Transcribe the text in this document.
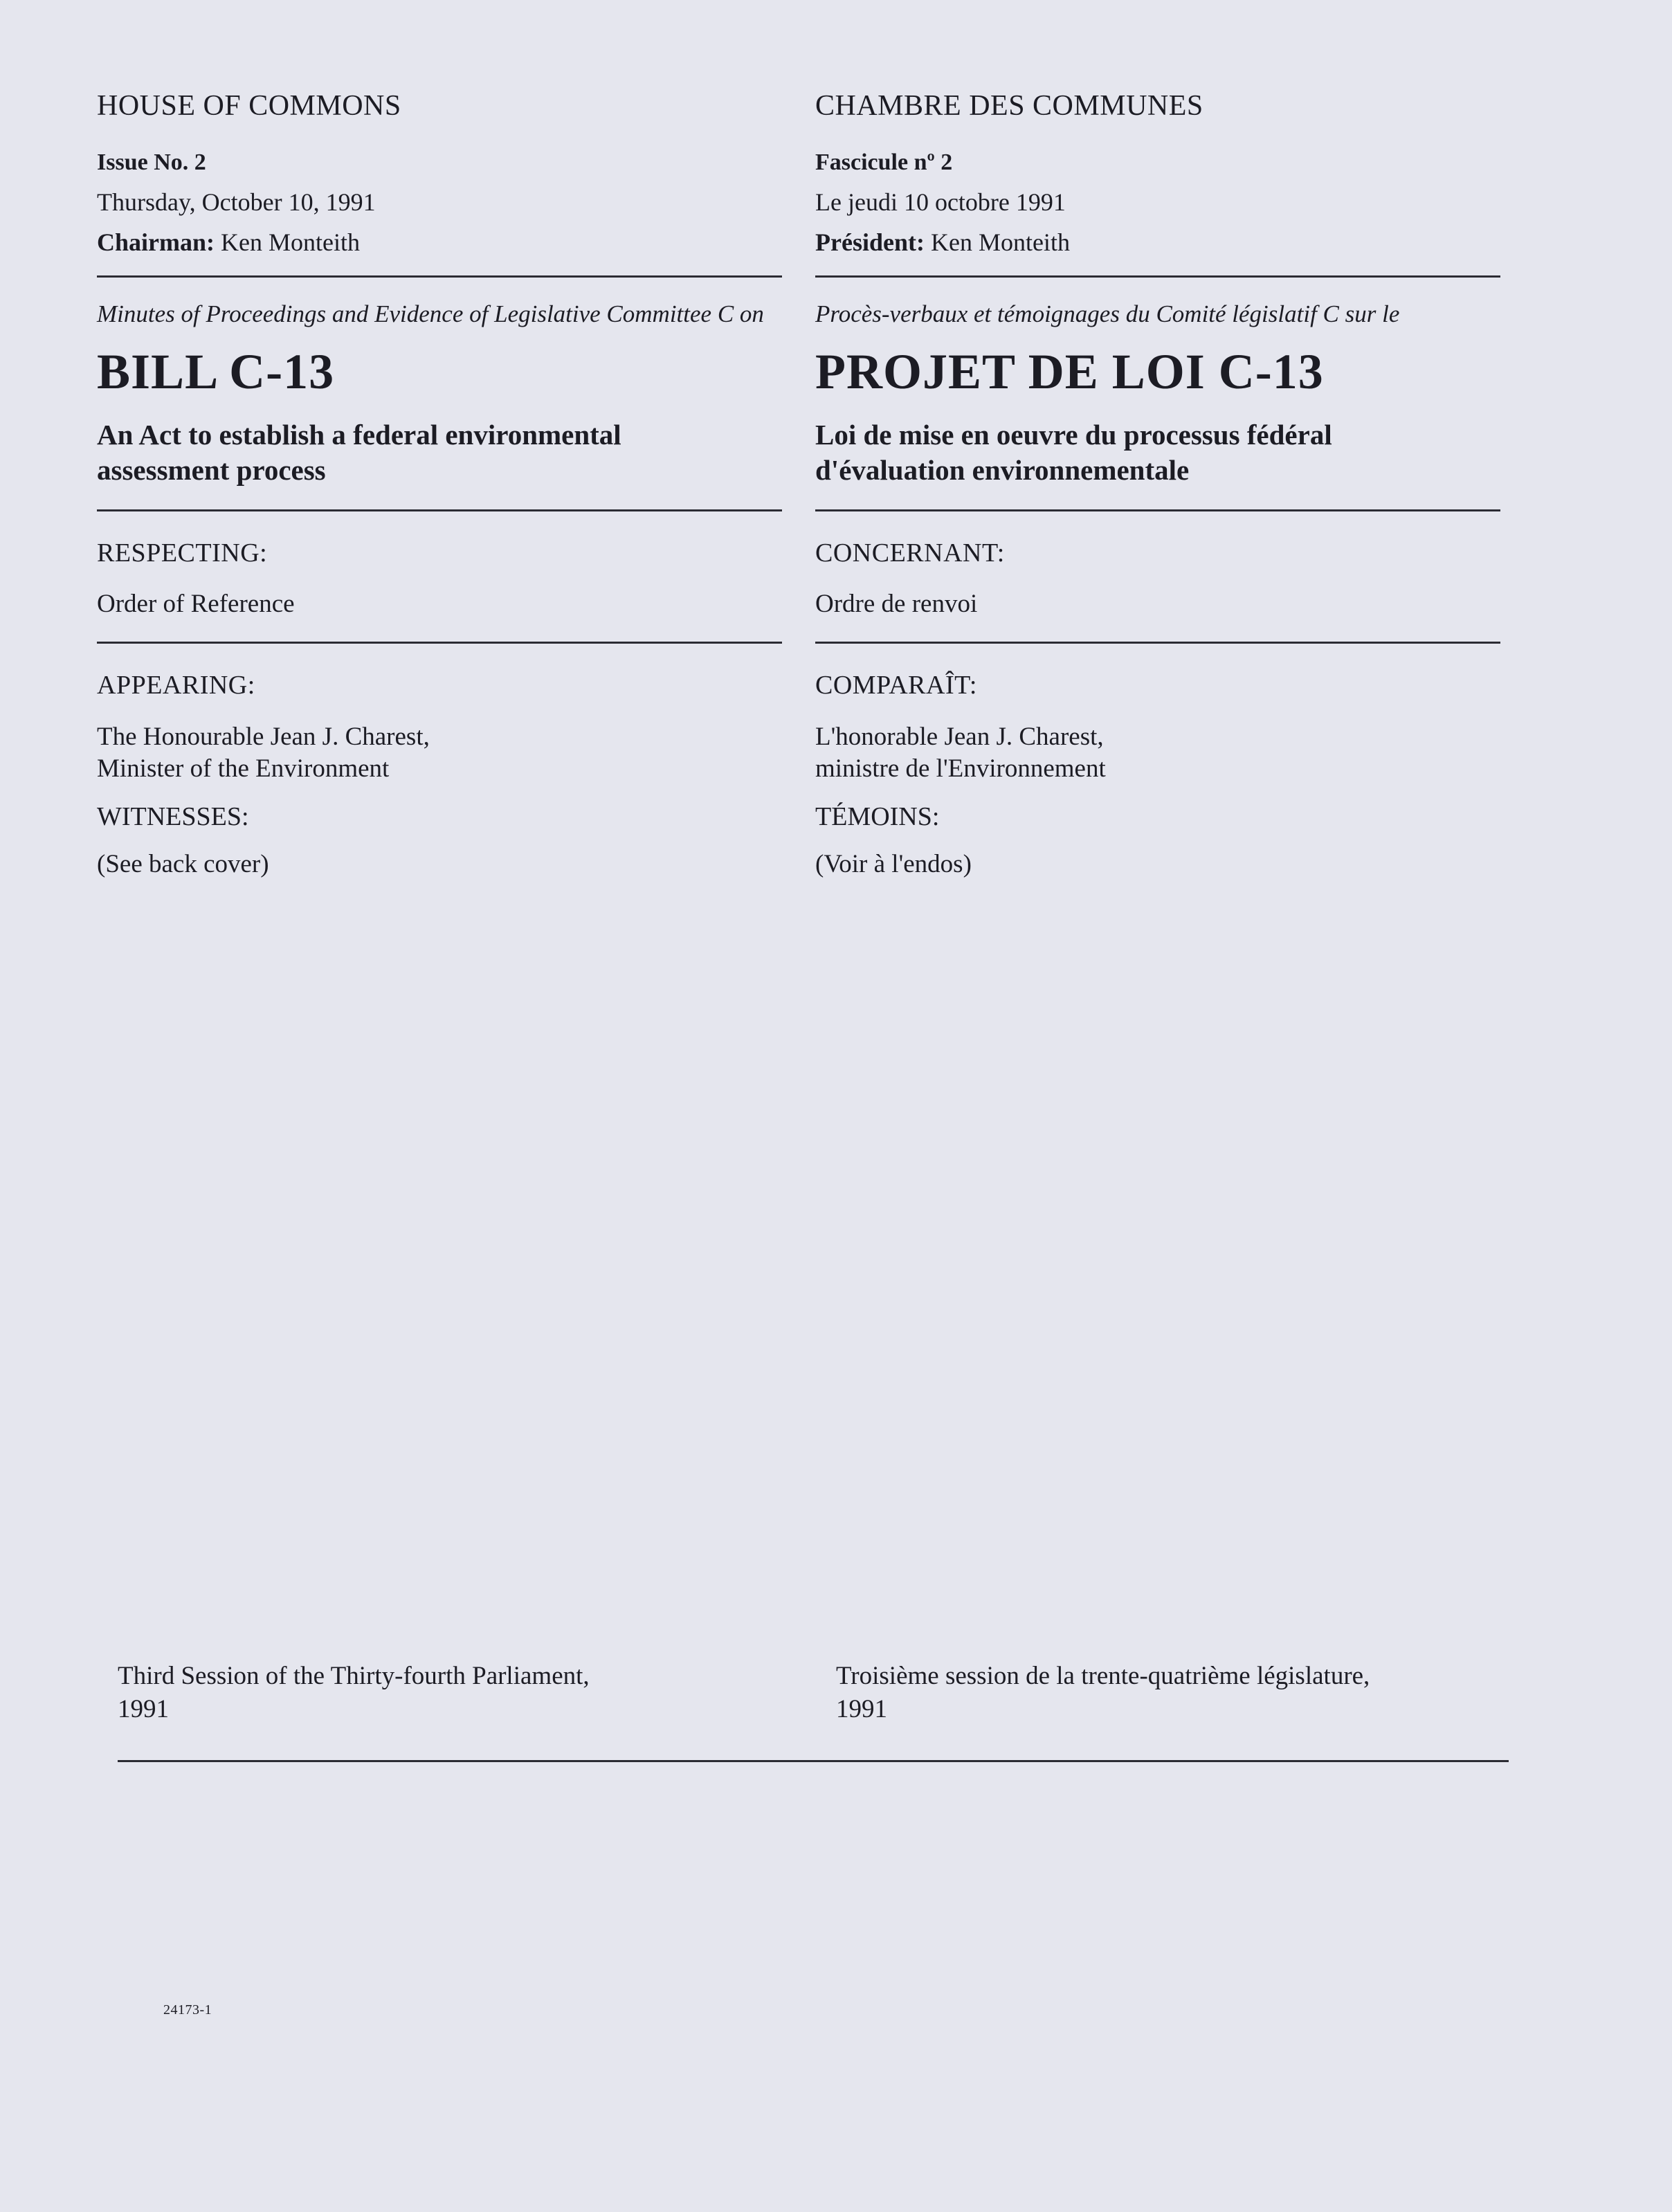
HOUSE OF COMMONS
Issue No. 2
Thursday, October 10, 1991
Chairman: Ken Monteith
Minutes of Proceedings and Evidence of Legislative Committee C on
BILL C-13
An Act to establish a federal environmental
assessment process
RESPECTING:
Order of Reference
APPEARING:
The Honourable Jean J. Charest,
Minister of the Environment
WITNESSES:
(See back cover)
CHAMBRE DES COMMUNES
Fascicule nº 2
Le jeudi 10 octobre 1991
Président: Ken Monteith
Procès-verbaux et témoignages du Comité législatif C sur le
PROJET DE LOI C-13
Loi de mise en oeuvre du processus fédéral
d'évaluation environnementale
CONCERNANT:
Ordre de renvoi
COMPARAÎT:
L'honorable Jean J. Charest,
ministre de l'Environnement
TÉMOINS:
(Voir à l'endos)
Third Session of the Thirty-fourth Parliament,
1991
Troisième session de la trente-quatrième législature,
1991
24173-1
